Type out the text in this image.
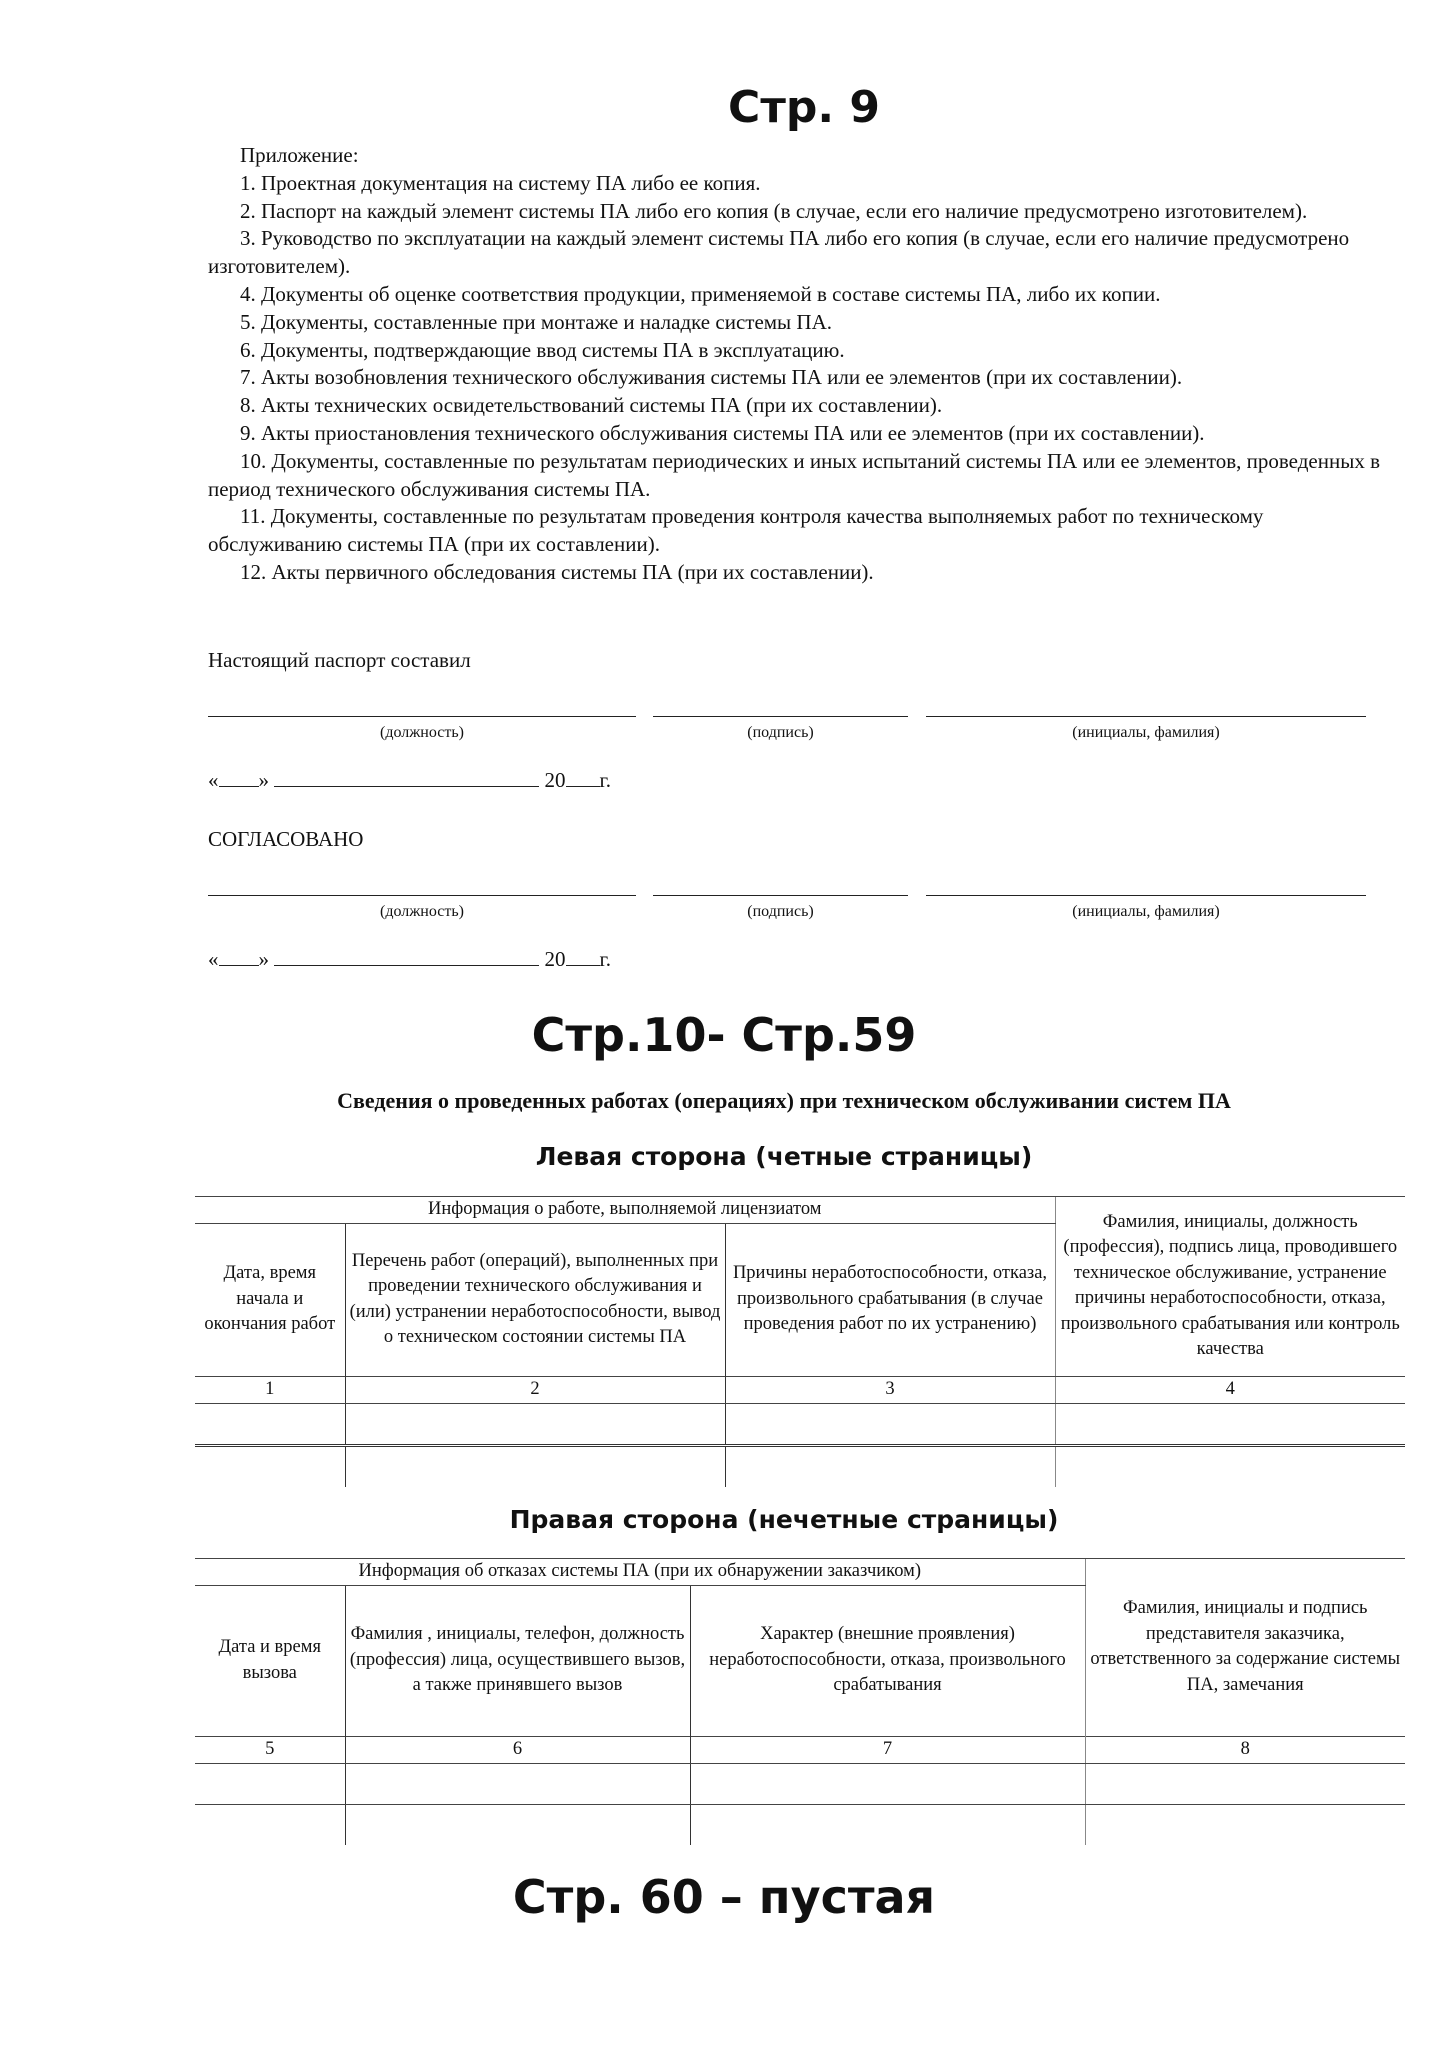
Стр. 9

Приложение:

1. Проектная документация на систему ПА либо ее копия.

2. Паспорт на каждый элемент системы ПА либо его копия (в случае, если его наличие предусмотрено изготовителем).

3. Руководство по эксплуатации на каждый элемент системы ПА либо его копия (в случае, если его наличие предусмотрено изготовителем).

4. Документы об оценке соответствия продукции, применяемой в составе системы ПА, либо их копии.

5. Документы, составленные при монтаже и наладке системы ПА.

6. Документы, подтверждающие ввод системы ПА в эксплуатацию.

7. Акты возобновления технического обслуживания системы ПА или ее элементов (при их составлении).

8. Акты технических освидетельствований системы ПА (при их составлении).

9. Акты приостановления технического обслуживания системы ПА или ее элементов (при их составлении).

10. Документы, составленные по результатам периодических и иных испытаний системы ПА или ее элементов, проведенных в период технического обслуживания системы ПА.

11. Документы, составленные по результатам проведения контроля качества выполняемых работ по техническому обслуживанию системы ПА (при их составлении).

12. Акты первичного обследования системы ПА (при их составлении).

Настоящий паспорт составил
(должность)	(подпись)	(инициалы, фамилия)
« »	20 г.
СОГЛАСОВАНО
(должность)	(подпись)	(инициалы, фамилия)
« »	20 г.
Стр.10- Стр.59
Сведения о проведенных работах (операциях) при техническом обслуживании систем ПА
Левая сторона (четные страницы)
Информация о работе, выполняемой лицензиатом			Фамилия, инициалы, должность (профессия), подпись лица, проводившего техническое обслуживание, устранение причины неработоспособности, отказа, произвольного срабатывания или контроль качества
Дата, время начала и окончания работ	Перечень работ (операций), выполненных при проведении технического обслуживания и (или) устранении неработоспособности, вывод о техническом состоянии системы ПА	Причины неработоспособности, отказа, произвольного срабатывания (в случае проведения работ по их устранению)	
1	2	3	4

Правая сторона (нечетные страницы)
Информация об отказах системы ПА (при их обнаружении заказчиком)			Фамилия, инициалы и подпись представителя заказчика, ответственного за содержание системы ПА, замечания
Дата и время вызова	Фамилия , инициалы, телефон, должность (профессия) лица, осуществившего вызов, а также принявшего вызов	Характер (внешние проявления) неработоспособности, отказа, произвольного срабатывания	
5	6	7	8

Стр. 60 – пустая
